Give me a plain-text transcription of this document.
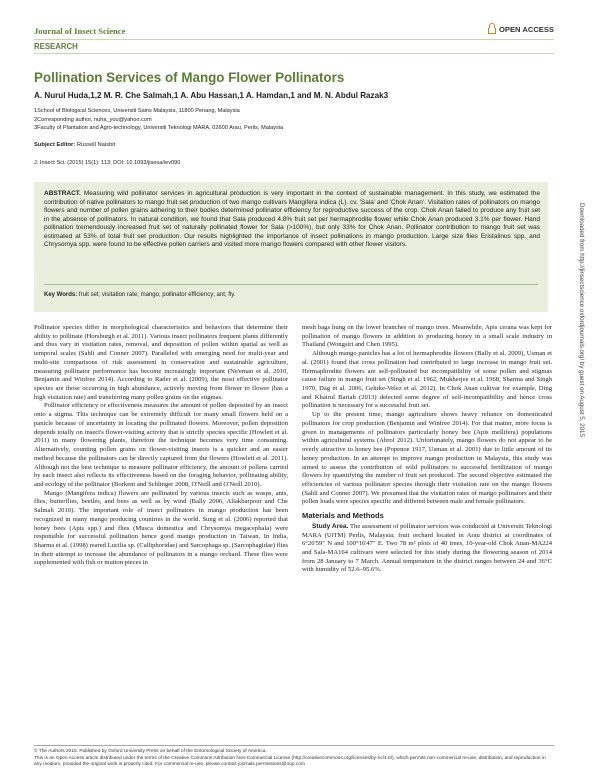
Journal of Insect Science	OPEN ACCESS
RESEARCH
Pollination Services of Mango Flower Pollinators
A. Nurul Huda,1,2 M. R. Che Salmah,1 A. Abu Hassan,1 A. Hamdan,1 and M. N. Abdul Razak3
1School of Biological Sciences, Universiti Sains Malaysia, 11800 Penang, Malaysia
2Corresponding author, nuha_you@yahoo.com
3Faculty of Plantation and Agro-technology, Universiti Teknologi MARA, 02600 Arau, Perlis, Malaysia
Subject Editor: Russell Naisbit
J. Insect Sci. (2015) 15(1): 113; DOI: 10.1093/jisesa/iev090

ABSTRACT. Measuring wild pollinator services in agricultural production is very important in the context of sustainable management. In this study, we estimated the contribution of native pollinators to mango fruit set production of two mango cultivars Mangifera indica (L). cv. 'Sala' and 'Chok Anan'. Visitation rates of pollinators on mango flowers and number of pollen grains adhering to their bodies determined pollinator efficiency for reproductive success of the crop. Chok Anan failed to produce any fruit set in the absence of pollinators. In natural condition, we found that Sala produced 4.8% fruit set per hermaphrodite flower while Chok Anan produced 3.1% per flower. Hand pollination tremendously increased fruit set of naturally pollinated flower for Sala (>100%), but only 33% for Chok Anan. Pollinator contribution to mango fruit set was estimated at 53% of total fruit set production. Our results highlighted the importance of insect pollinations in mango production. Large size flies Eristalinus spp. and Chrysomya spp. were found to be effective pollen carriers and visited more mango flowers compared with other flower visitors.

Key Words: fruit set; visitation rate; mango; pollinator efficiency; ant; fly.	Downloaded from http://jinsectscience.oxfordjournals.org/ by guest on August 5, 2015

Pollinator species differ in morphological characteristics and behaviors that determine their ability to pollinate (Horsburgh et al. 2011). Various insect pollinators frequent plants differently and thus vary in visitation rates, removal, and deposition of pollen within spatial as well as temporal scales (Sahli and Conner 2007). Paralleled with emerging need for multi-year and multi-site comparisons of risk assessment in conservation and sustainable agriculture, measuring pollinator performance has become increasingly important (Ne'eman et al. 2010, Benjamin and Winfree 2014). According to Rader et al. (2009), the most effective pollinator species are those occurring in high abundance, actively moving from flower to flower (has a high visitation rate) and transferring many pollen grains on the stigmas.

Pollinator efficiency or effectiveness measures the amount of pollen deposited by an insect onto a stigma. This technique can be extremely difficult for many small flowers held on a panicle because of uncertainty in locating the pollinated flowers. Moreover, pollen deposition depends totally on insect's flower-visiting activity that is strictly species specific (Howlett et al. 2011) in many flowering plants, therefore the technique becomes very time consuming. Alternatively, counting pollen grains on flower-visiting insects is a quicker and an easier method because the pollinators can be directly captured from the flowers (Howlett et al. 2011). Although not the best technique to measure pollinator efficiency, the amount of pollens carried by each insect also reflects its effectiveness based on the foraging behavior, pollinating ability, and ecology of the pollinator (Borkent and Schlinger 2008, O'Neill and O'Neill 2010).

Mango (Mangifera indica) flowers are pollinated by various insects such as wasps, ants, flies, butterflies, beetles, and bees as well as by wind (Bally 2006, Aliakbarpour and Che Salmah 2010). The important role of insect pollinators in mango production has been recognized in many mango producing countries in the world. Sung et al. (2006) reported that honey bees (Apis spp.) and flies (Musca domestica and Chrysomya megacephala) were responsible for successful pollination hence good mango production in Taiwan. In India, Sharma et al. (1998) reared Lucilia sp. (Calliphoridae) and Sarcophaga sp. (Sarcophagidae) flies in their attempt to increase the abundance of pollinators in a mango orchard. These flies were supplemented with fish or mutton pieces in

mesh bags hung on the lower branches of mango trees. Meanwhile, Apis cerana was kept for pollination of mango flowers in addition to producing honey in a small scale industry in Thailand (Wongsiri and Chen 1995).

Although mango panicles has a lot of hermaphrodite flowers (Bally et al. 2009), Usman et al. (2001) found that cross pollination had contributed to large increase in mango fruit set. Hermaphrodite flowers are self-pollinated but incompatibility of some pollen and stigmas cause failure in mango fruit set (Singh et al. 1962, Mukherjee et al. 1968, Sharma and Singh 1970, Dag et al. 2006, Gehrke-Velez et al. 2012). In Chok Anan cultivar for example, Ding and Khairul Bariah (2013) detected some degree of self-incompatibility and hence cross pollination is necessary for a successful fruit set.

Up to the present time, mango agriculture shows heavy reliance on domesticated pollinators for crop production (Benjamin and Winfree 2014). For that matter, more focus is given to managements of pollinators particularly honey bee (Apis mellifera) populations within agricultural systems (Abrol 2012). Unfortunately, mango flowers do not appear to be overly attractive to honey bee (Popenoe 1917, Usman et al. 2001) due to little amount of its honey production. In an attempt to improve mango production in Malaysia, this study was aimed to assess the contribution of wild pollinators to successful fertilization of mango flowers by quantifying the number of fruit set produced. The second objective estimated the efficiencies of various pollinator species through their visitation rate on the mango flowers (Sahli and Conner 2007). We presumed that the visitation rates of mango pollinators and their pollen loads were species specific and differed between male and female pollinators.

Materials and Methods

Study Area. The assessment of pollinator services was conducted at Universiti Teknologi MARA (UiTM) Perlis, Malaysia; fruit orchard located in Arau district at coordinates of 6°26'59" N and 100°16'47" E. Two 78 m² plots of 40 trees, 10-year-old Chok Anan-MA224 and Sala-MA164 cultivars were selected for this study during the flowering season of 2014 from 28 January to 7 March. Annual temperature in the district ranges between 24 and 36°C with humidity of 52.6–95.6%.

© The Authors 2015. Published by Oxford University Press on behalf of the Entomological Society of America.
This is an Open Access article distributed under the terms of the Creative Commons Attribution Non-Commercial License (http://creativecommons.org/licenses/by-nc/4.0/), which permits non-commercial re-use, distribution, and reproduction in any medium, provided the original work is properly cited. For commercial re-use, please contact journals.permissions@oup.com
